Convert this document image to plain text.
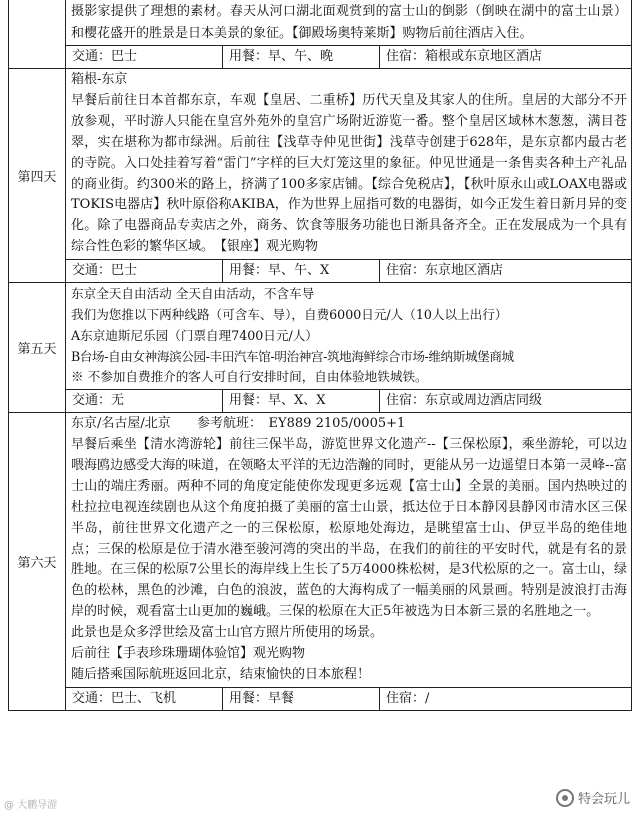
摄影家提供了理想的素材。春天从河口湖北面观赏到的富士山的倒影（倒映在湖中的富士山景）和樱花盛开的胜景是日本美景的象征。【御殿场奥特莱斯】购物后前往酒店入住。

交通：巴士	用餐：早、午、晚	住宿：箱根或东京地区酒店
第四天

箱根-东京

早餐后前往日本首都东京，车观【皇居、二重桥】历代天皇及其家人的住所。皇居的大部分不开放参观，平时游人只能在皇宫外苑外的皇宫广场附近游览一番。整个皇居区域林木葱葱，满目苍翠，实在堪称为都市绿洲。后前往【浅草寺仲见世街】浅草寺创建于628年，是东京都内最古老的寺院。入口处挂着写着“雷门”字样的巨大灯笼这里的象征。仲见世通是一条售卖各种土产礼品的商业街。约300米的路上，挤满了100多家店铺。【综合免税店】，【秋叶原永山或LOAX电器或TOKIS电器店】秋叶原俗称AKIBA，作为世界上屈指可数的电器街，如今正发生着日新月异的变化。除了电器商品专卖店之外，商务、饮食等服务功能也日渐具备齐全。正在发展成为一个具有综合性色彩的繁华区域。　【银座】观光购物

交通：巴士	用餐：早、午、X	住宿：东京地区酒店
第五天

东京全天自由活动 全天自由活动，不含车导

我们为您推以下两种线路（可含车、导），自费6000日元/人（10人以上出行）

A东京迪斯尼乐园（门票自理7400日元/人）

B台场-自由女神海滨公园-丰田汽车馆-明治神宫-筑地海鲜综合市场-维纳斯城堡商城

※ 不参加自费推介的客人可自行安排时间，自由体验地铁城铁。

交通：无	用餐：早、X、X	住宿：东京或周边酒店同级
第六天

东京/名古屋/北京 参考航班：　EY889 2105/0005+1

早餐后乘坐【清水湾游轮】前往三保半岛，游览世界文化遗产--【三保松原】，乘坐游轮，可以边喂海鸥边感受大海的味道，在领略太平洋的无边浩瀚的同时，更能从另一边遥望日本第一灵峰--富士山的端庄秀丽。两种不同的角度定能使你发现更多远观【富士山】全景的美丽。国内热映过的杜拉拉电视连续剧也从这个角度拍摄了美丽的富士山景，抵达位于日本静冈县静冈市清水区三保半岛，前往世界文化遗产之一的三保松原，松原地处海边，是眺望富士山、伊豆半岛的绝佳地点；三保的松原是位于清水港至骏河湾的突出的半岛，在我们的前往的平安时代，就是有名的景胜地。在三保的松原7公里长的海岸线上生长了5万4000株松树，是3代松原的之一。富士山，绿色的松林，黑色的沙滩，白色的浪波，蓝色的大海构成了一幅美丽的风景画。特别是波浪打击海岸的时候，观看富士山更加的巍峨。三保的松原在大正5年被选为日本新三景的名胜地之一。

此景也是众多浮世绘及富士山官方照片所使用的场景。

后前往【手表珍珠珊瑚体验馆】观光购物

随后搭乘国际航班返回北京，结束愉快的日本旅程！

交通：巴士、飞机	用餐：早餐	住宿：/
特会玩儿
@ 大鹏导游
